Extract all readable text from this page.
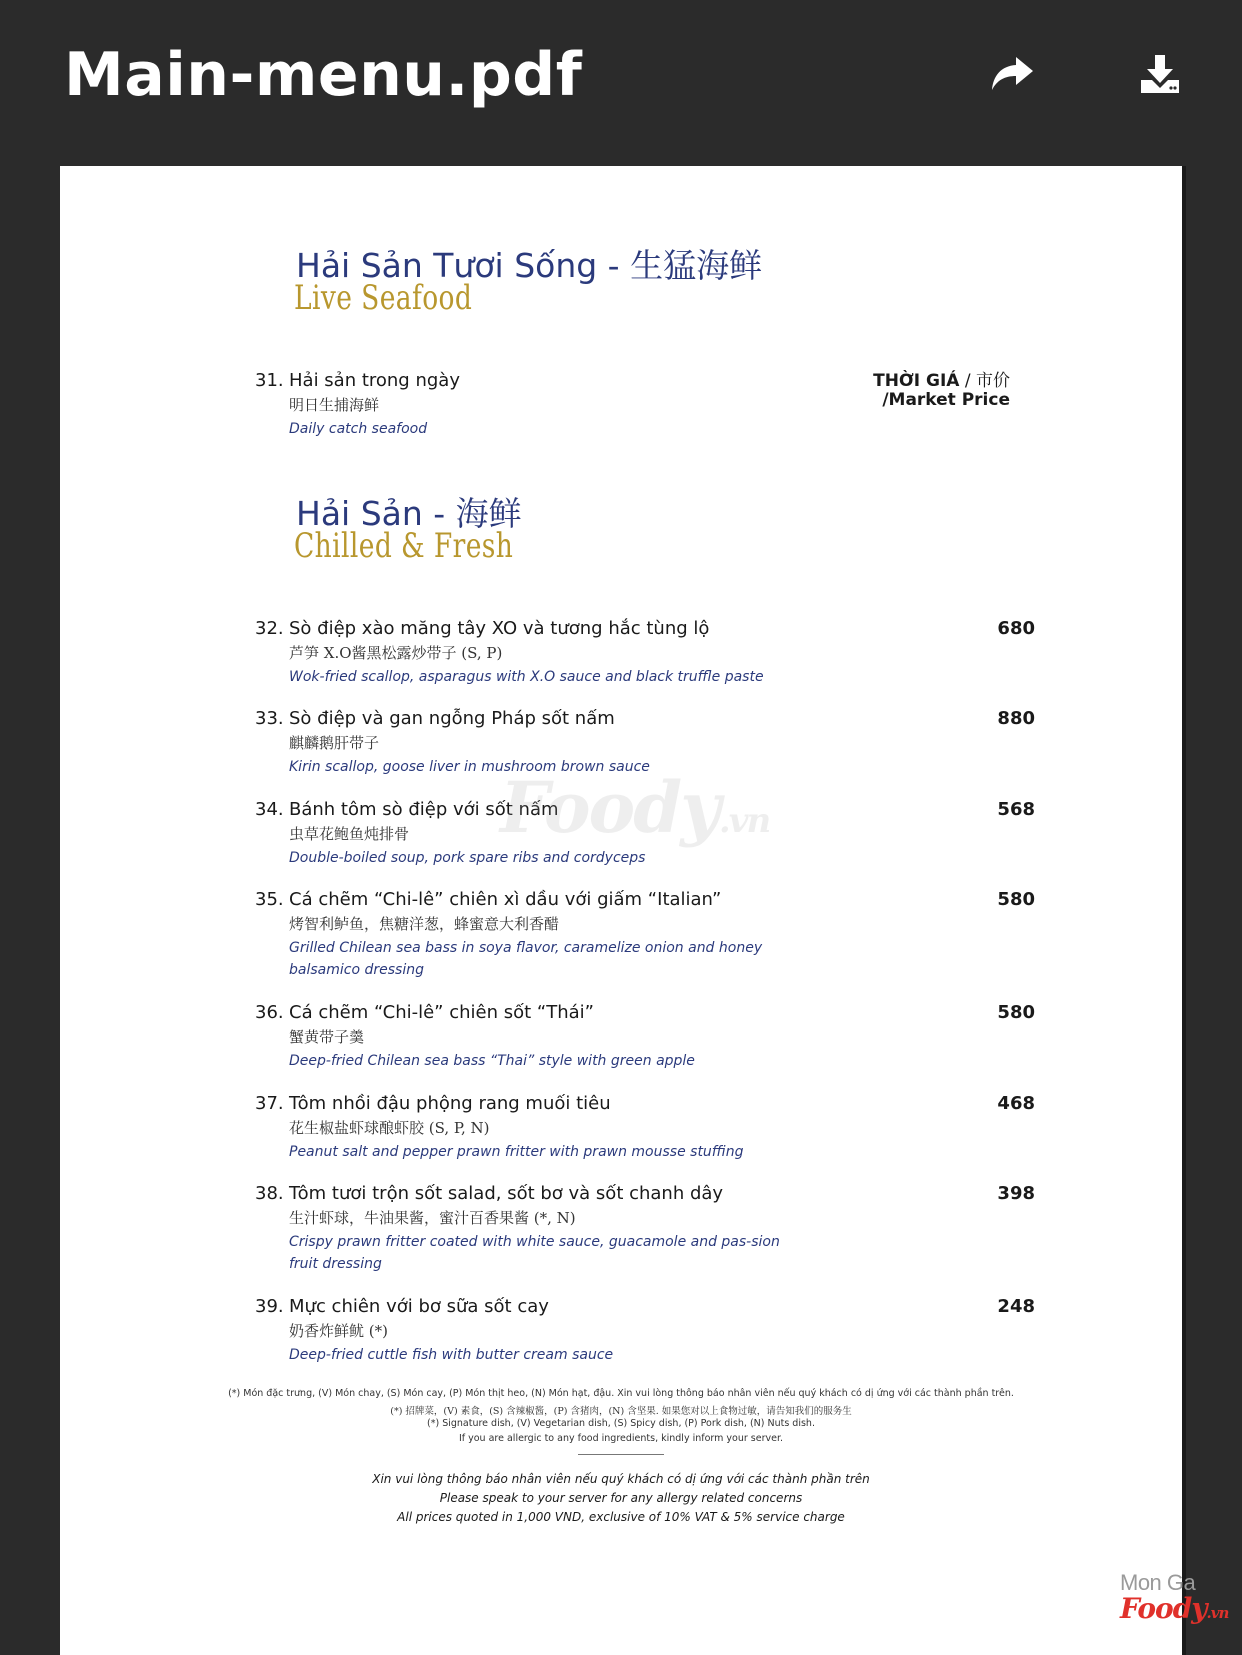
Main-menu.pdf
Hải Sản Tươi Sống - 生猛海鲜
Live Seafood
31. Hải sản trong ngày
明日生捕海鲜
Daily catch seafood
THỜI GIÁ / 市价
/Market Price
Hải Sản - 海鲜
Chilled & Fresh
32. Sò điệp xào măng tây XO và tương hắc tùng lộ
芦笋 X.O酱黑松露炒带子 (S, P)
Wok-fried scallop, asparagus with X.O sauce and black truffle paste
680
33. Sò điệp và gan ngỗng Pháp sốt nấm
麒麟鹅肝带子
Kirin scallop, goose liver in mushroom brown sauce
880
34. Bánh tôm sò điệp với sốt nấm
虫草花鲍鱼炖排骨
Double-boiled soup, pork spare ribs and cordyceps
568
35. Cá chẽm “Chi-lê” chiên xì dầu với giấm “Italian”
烤智利鲈鱼，焦糖洋葱，蜂蜜意大利香醋
Grilled Chilean sea bass in soya flavor, caramelize onion and honey balsamico dressing
580
36. Cá chẽm “Chi-lê” chiên sốt “Thái”
蟹黄带子羹
Deep-fried Chilean sea bass “Thai” style with green apple
580
37. Tôm nhồi đậu phộng rang muối tiêu
花生椒盐虾球酿虾胶 (S, P, N)
Peanut salt and pepper prawn fritter with prawn mousse stuffing
468
38. Tôm tươi trộn sốt salad, sốt bơ và sốt chanh dây
生汁虾球，牛油果酱，蜜汁百香果酱 (*, N)
Crispy prawn fritter coated with white sauce, guacamole and pas-sion fruit dressing
398
39. Mực chiên với bơ sữa sốt cay
奶香炸鲜鱿 (*)
Deep-fried cuttle fish with butter cream sauce
248
Foody.vn
(*) Món đặc trưng, (V) Món chay, (S) Món cay, (P) Món thịt heo, (N) Món hạt, đậu. Xin vui lòng thông báo nhân viên nếu quý khách có dị ứng với các thành phần trên.
(*) 招牌菜，(V) 素食，(S) 含辣椒酱，(P) 含猪肉，(N) 含坚果. 如果您对以上食物过敏，请告知我们的服务生
(*) Signature dish, (V) Vegetarian dish, (S) Spicy dish, (P) Pork dish, (N) Nuts dish.
If you are allergic to any food ingredients, kindly inform your server.
Xin vui lòng thông báo nhân viên nếu quý khách có dị ứng với các thành phần trên
Please speak to your server for any allergy related concerns
All prices quoted in 1,000 VND, exclusive of 10% VAT & 5% service charge
Mon Ga
Foody.vn
